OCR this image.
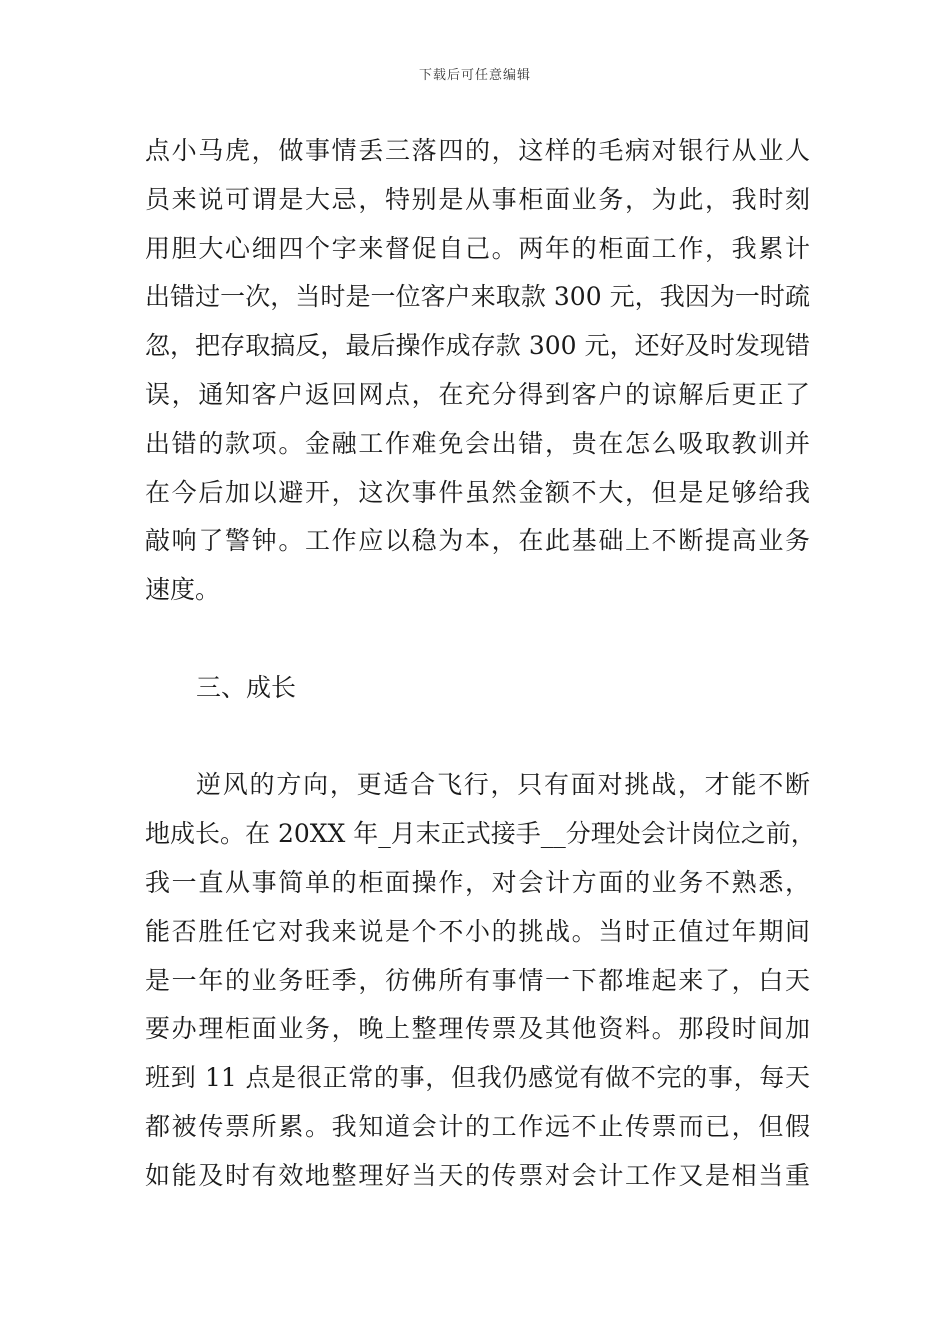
下载后可任意编辑
点小马虎，做事情丢三落四的，这样的毛病对银行从业人
员来说可谓是大忌，特别是从事柜面业务，为此，我时刻
用胆大心细四个字来督促自己。两年的柜面工作，我累计
出错过一次，当时是一位客户来取款 300 元，我因为一时疏
忽，把存取搞反，最后操作成存款 300 元，还好及时发现错
误，通知客户返回网点，在充分得到客户的谅解后更正了
出错的款项。金融工作难免会出错，贵在怎么吸取教训并
在今后加以避开，这次事件虽然金额不大，但是足够给我
敲响了警钟。工作应以稳为本，在此基础上不断提高业务
速度。
三、成长
逆风的方向，更适合飞行，只有面对挑战，才能不断
地成长。在 20XX 年_月末正式接手__分理处会计岗位之前，
我一直从事简单的柜面操作，对会计方面的业务不熟悉，
能否胜任它对我来说是个不小的挑战。当时正值过年期间
是一年的业务旺季，彷佛所有事情一下都堆起来了，白天
要办理柜面业务，晚上整理传票及其他资料。那段时间加
班到 11 点是很正常的事，但我仍感觉有做不完的事，每天
都被传票所累。我知道会计的工作远不止传票而已，但假
如能及时有效地整理好当天的传票对会计工作又是相当重
